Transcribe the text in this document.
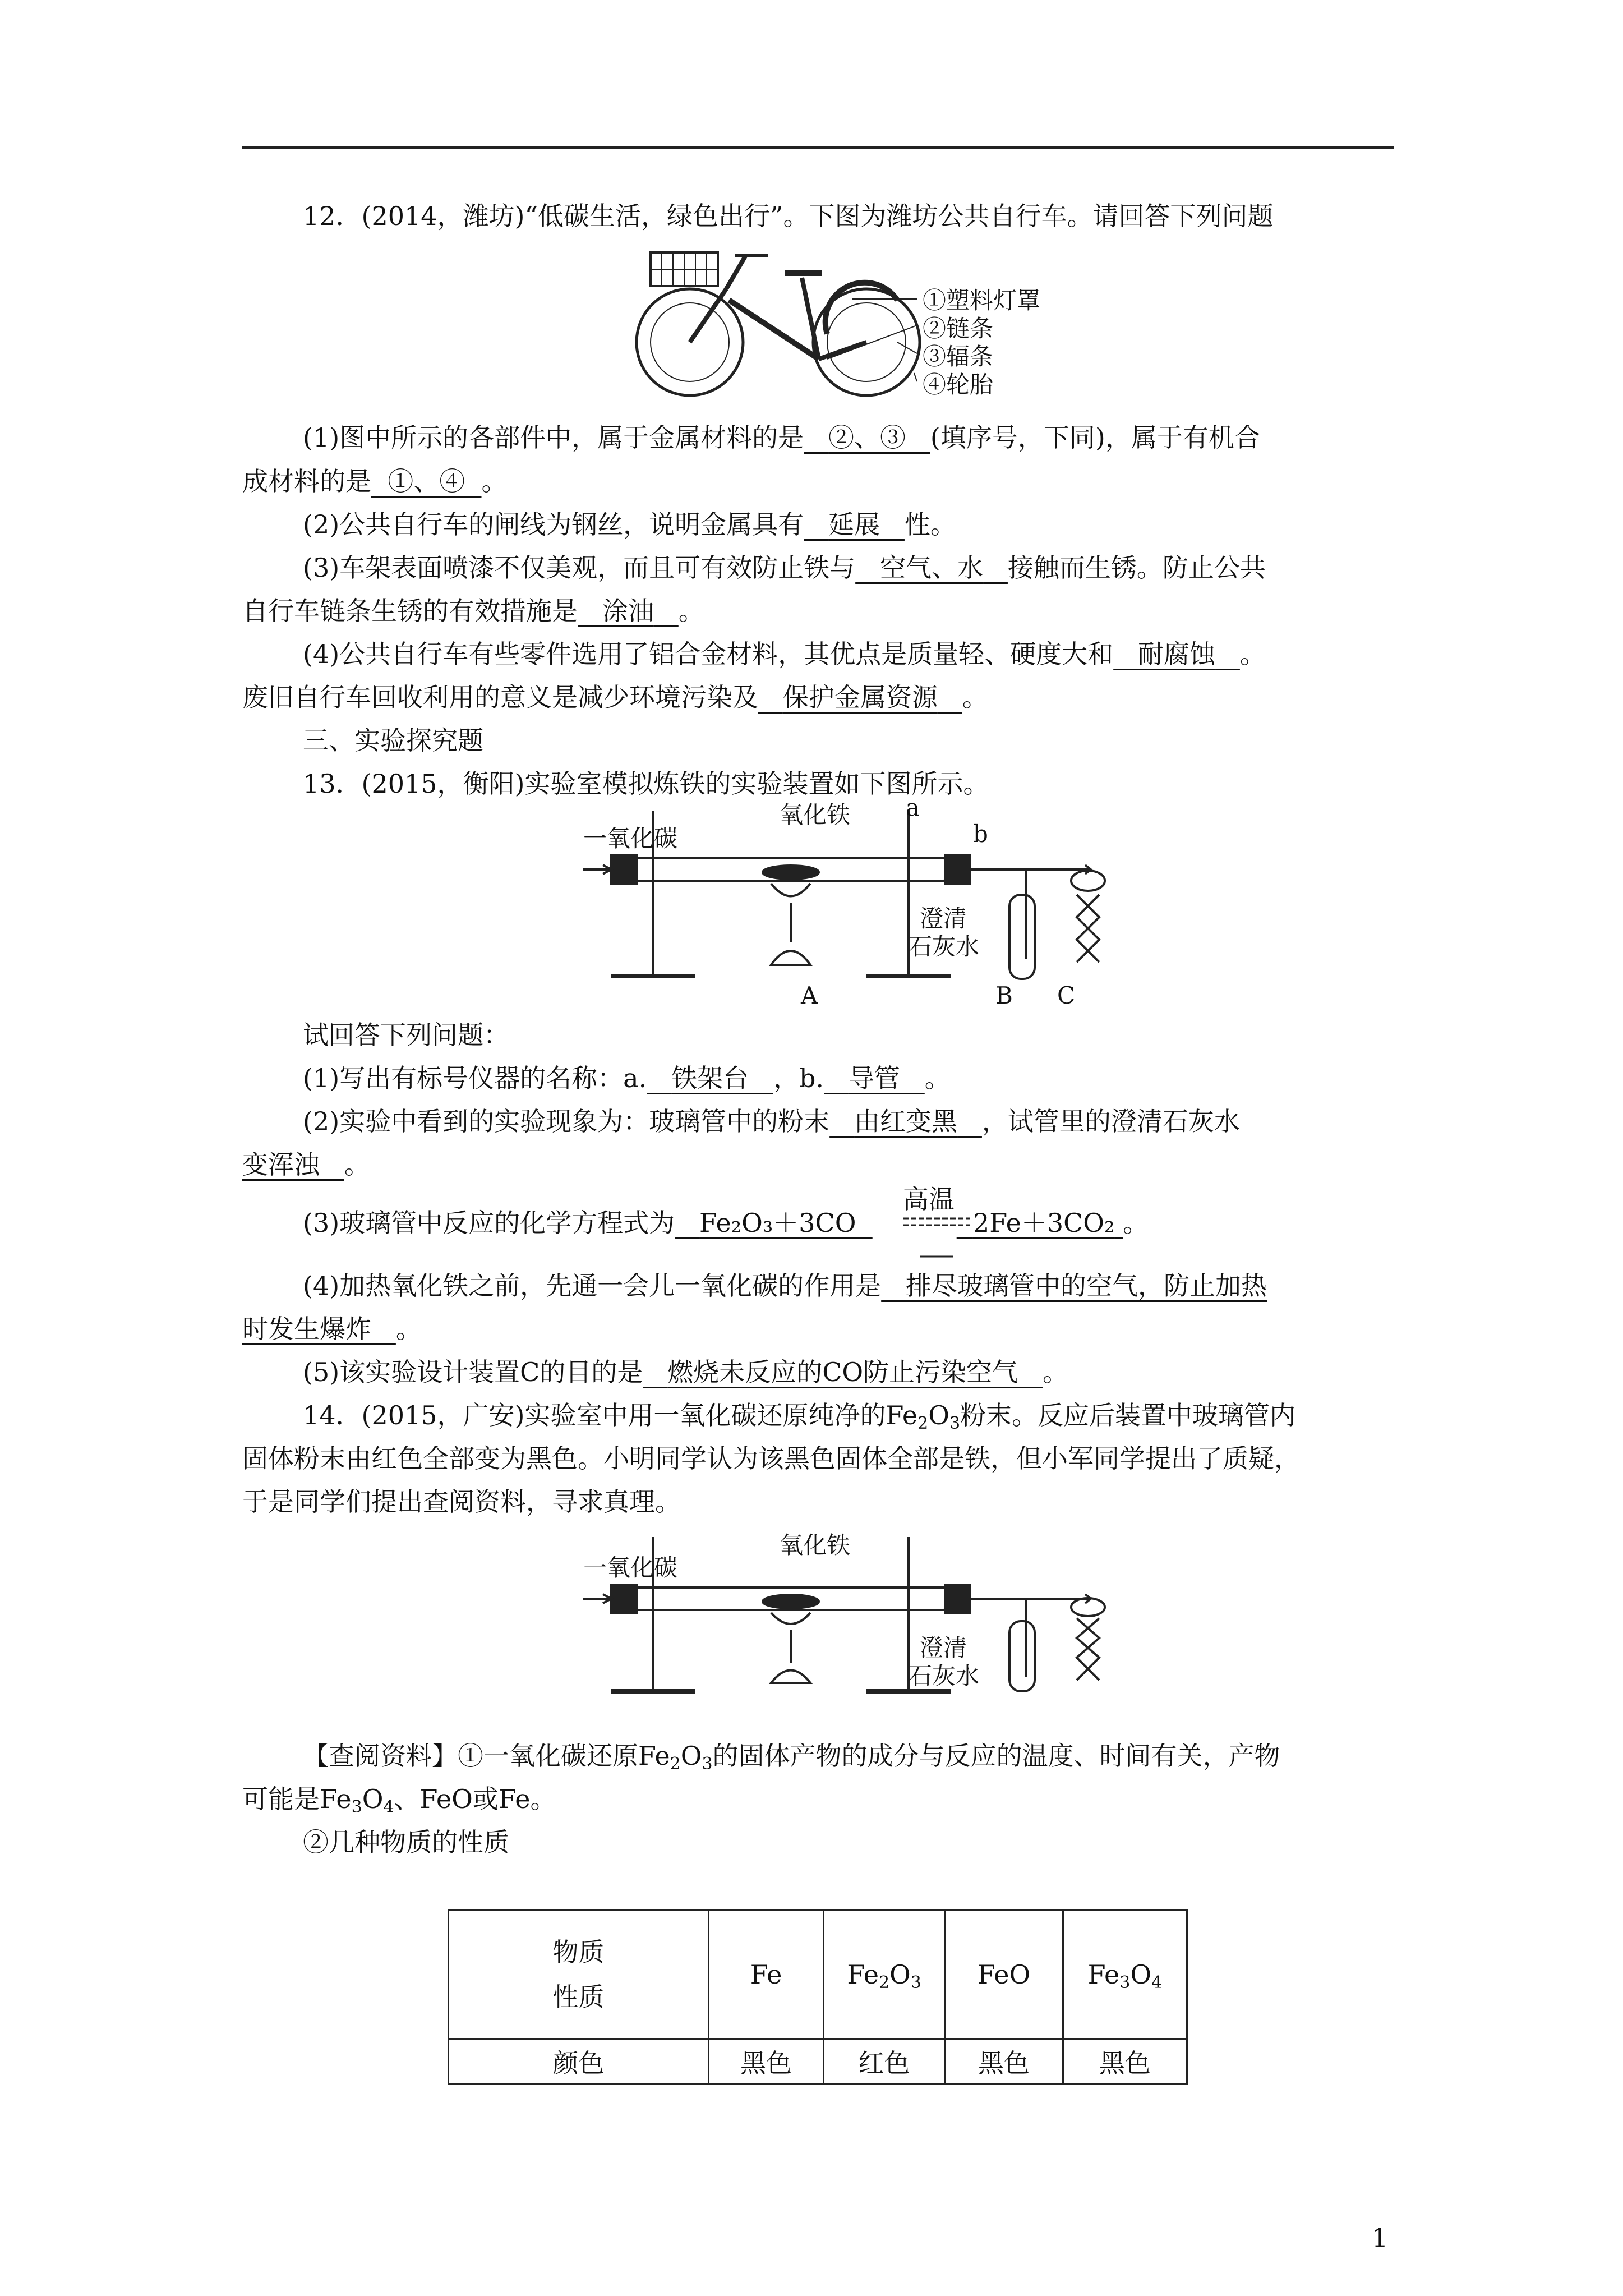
12．(2014，潍坊)“低碳生活，绿色出行”。下图为潍坊公共自行车。请回答下列问题
①塑料灯罩
②链条
③辐条
④轮胎
(1)图中所示的各部件中，属于金属材料的是 ②、③ (填序号，下同)，属于有机合
成材料的是 ①、④ 。
(2)公共自行车的闸线为钢丝，说明金属具有 延展 性。
(3)车架表面喷漆不仅美观，而且可有效防止铁与 空气、水 接触而生锈。防止公共
自行车链条生锈的有效措施是 涂油 。
(4)公共自行车有些零件选用了铝合金材料，其优点是质量轻、硬度大和 耐腐蚀 。
废旧自行车回收利用的意义是减少环境污染及 保护金属资源 。
三、实验探究题
13．(2015，衡阳)实验室模拟炼铁的实验装置如下图所示。
一氧化碳
氧化铁 a
b
澄清
石灰水
A	B C
试回答下列问题：
(1)写出有标号仪器的名称：a. 铁架台 ，b. 导管 。
(2)实验中看到的实验现象为：玻璃管中的粉末 由红变黑 ，试管里的澄清石灰水
变浑浊 。
(3)玻璃管中反应的化学方程式为 Fe₂O₃＋3CO	2Fe＋3CO₂ 。
高温
(4)加热氧化铁之前，先通一会儿一氧化碳的作用是 排尽玻璃管中的空气，防止加热
时发生爆炸 。
(5)该实验设计装置C的目的是 燃烧未反应的CO防止污染空气 。
14．(2015，广安)实验室中用一氧化碳还原纯净的$Fe_2O_3$粉末。反应后装置中玻璃管内
固体粉末由红色全部变为黑色。小明同学认为该黑色固体全部是铁，但小军同学提出了质疑，
于是同学们提出查阅资料，寻求真理。
一氧化碳
氧化铁
澄清
石灰水
【查阅资料】①一氧化碳还原$Fe_2O_3$的固体产物的成分与反应的温度、时间有关，产物
可能是$Fe_3O_4$、FeO或Fe。
②几种物质的性质
物质
性质	Fe	$Fe_2O_3$	FeO	$Fe_3O_4$
颜色	黑色	红色	黑色	黑色
1
